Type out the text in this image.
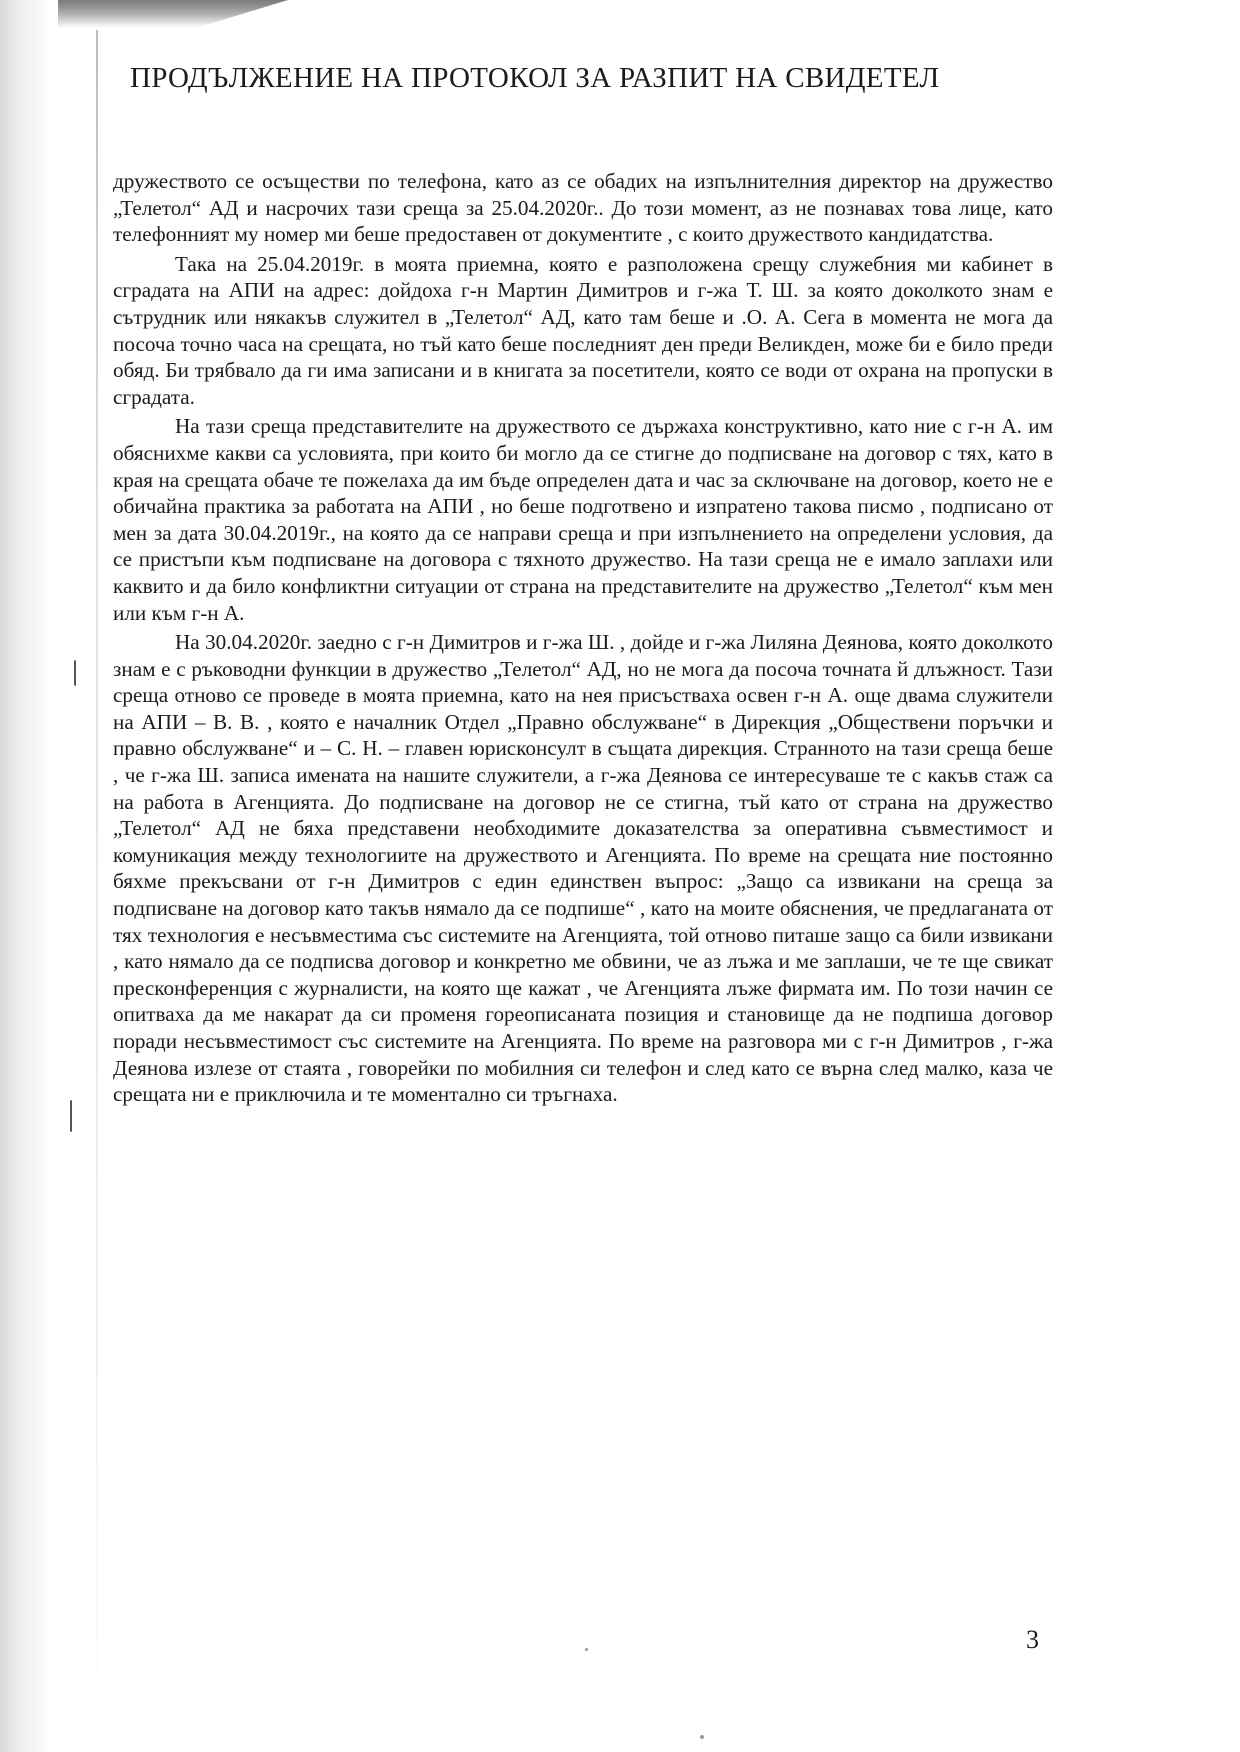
ПРОДЪЛЖЕНИЕ НА ПРОТОКОЛ ЗА РАЗПИТ НА СВИДЕТЕЛ

дружеството се осъществи по телефона, като аз се обадих на изпълнителния директор на дружество „Телетол“ АД и насрочих тази среща за 25.04.2020г.. До този момент, аз не познавах това лице, като телефонният му номер ми беше предоставен от документите , с които дружеството кандидатства.

Така на 25.04.2019г. в моята приемна, която е разположена срещу служебния ми кабинет в сградата на АПИ на адрес: дойдоха г-н Мартин Димитров и г-жа Т. Ш. за която доколкото знам е сътрудник или някакъв служител в „Телетол“ АД, като там беше и .О. А. Сега в момента не мога да посоча точно часа на срещата, но тъй като беше последният ден преди Великден, може би е било преди обяд. Би трябвало да ги има записани и в книгата за посетители, която се води от охрана на пропуски в сградата.

На тази среща представителите на дружеството се държаха конструктивно, като ние с г-н А. им обяснихме какви са условията, при които би могло да се стигне до подписване на договор с тях, като в края на срещата обаче те пожелаха да им бъде определен дата и час за сключване на договор, което не е обичайна практика за работата на АПИ , но беше подготвено и изпратено такова писмо , подписано от мен за дата 30.04.2019г., на която да се направи среща и при изпълнението на определени условия, да се пристъпи към подписване на договора с тяхното дружество. На тази среща не е имало заплахи или каквито и да било конфликтни ситуации от страна на представителите на дружество „Телетол“ към мен или към г-н А.

На 30.04.2020г. заедно с г-н Димитров и г-жа Ш. , дойде и г-жа Лиляна Деянова, която доколкото знам е с ръководни функции в дружество „Телетол“ АД, но не мога да посоча точната й длъжност. Тази среща отново се проведе в моята приемна, като на нея присъстваха освен г-н А. още двама служители на АПИ – В. В. , която е началник Отдел „Правно обслужване“ в Дирекция „Обществени поръчки и правно обслужване“ и – С. Н. – главен юрисконсулт в същата дирекция. Странното на тази среща беше , че г-жа Ш. записа имената на нашите служители, а г-жа Деянова се интересуваше те с какъв стаж са на работа в Агенцията. До подписване на договор не се стигна, тъй като от страна на дружество „Телетол“ АД не бяха представени необходимите доказателства за оперативна съвместимост и комуникация между технологиите на дружеството и Агенцията. По време на срещата ние постоянно бяхме прекъсвани от г-н Димитров с един единствен въпрос: „Защо са извикани на среща за подписване на договор като такъв нямало да се подпише“ , като на моите обяснения, че предлаганата от тях технология е несъвместима със системите на Агенцията, той отново питаше защо са били извикани , като нямало да се подписва договор и конкретно ме обвини, че аз лъжа и ме заплаши, че те ще свикат пресконференция с журналисти, на която ще кажат , че Агенцията лъже фирмата им. По този начин се опитваха да ме накарат да си променя гореописаната позиция и становище да не подпиша договор поради несъвместимост със системите на Агенцията. По време на разговора ми с г-н Димитров , г-жа Деянова излезе от стаята , говорейки по мобилния си телефон и след като се върна след малко, каза че срещата ни е приключила и те моментално си тръгнаха.

3
